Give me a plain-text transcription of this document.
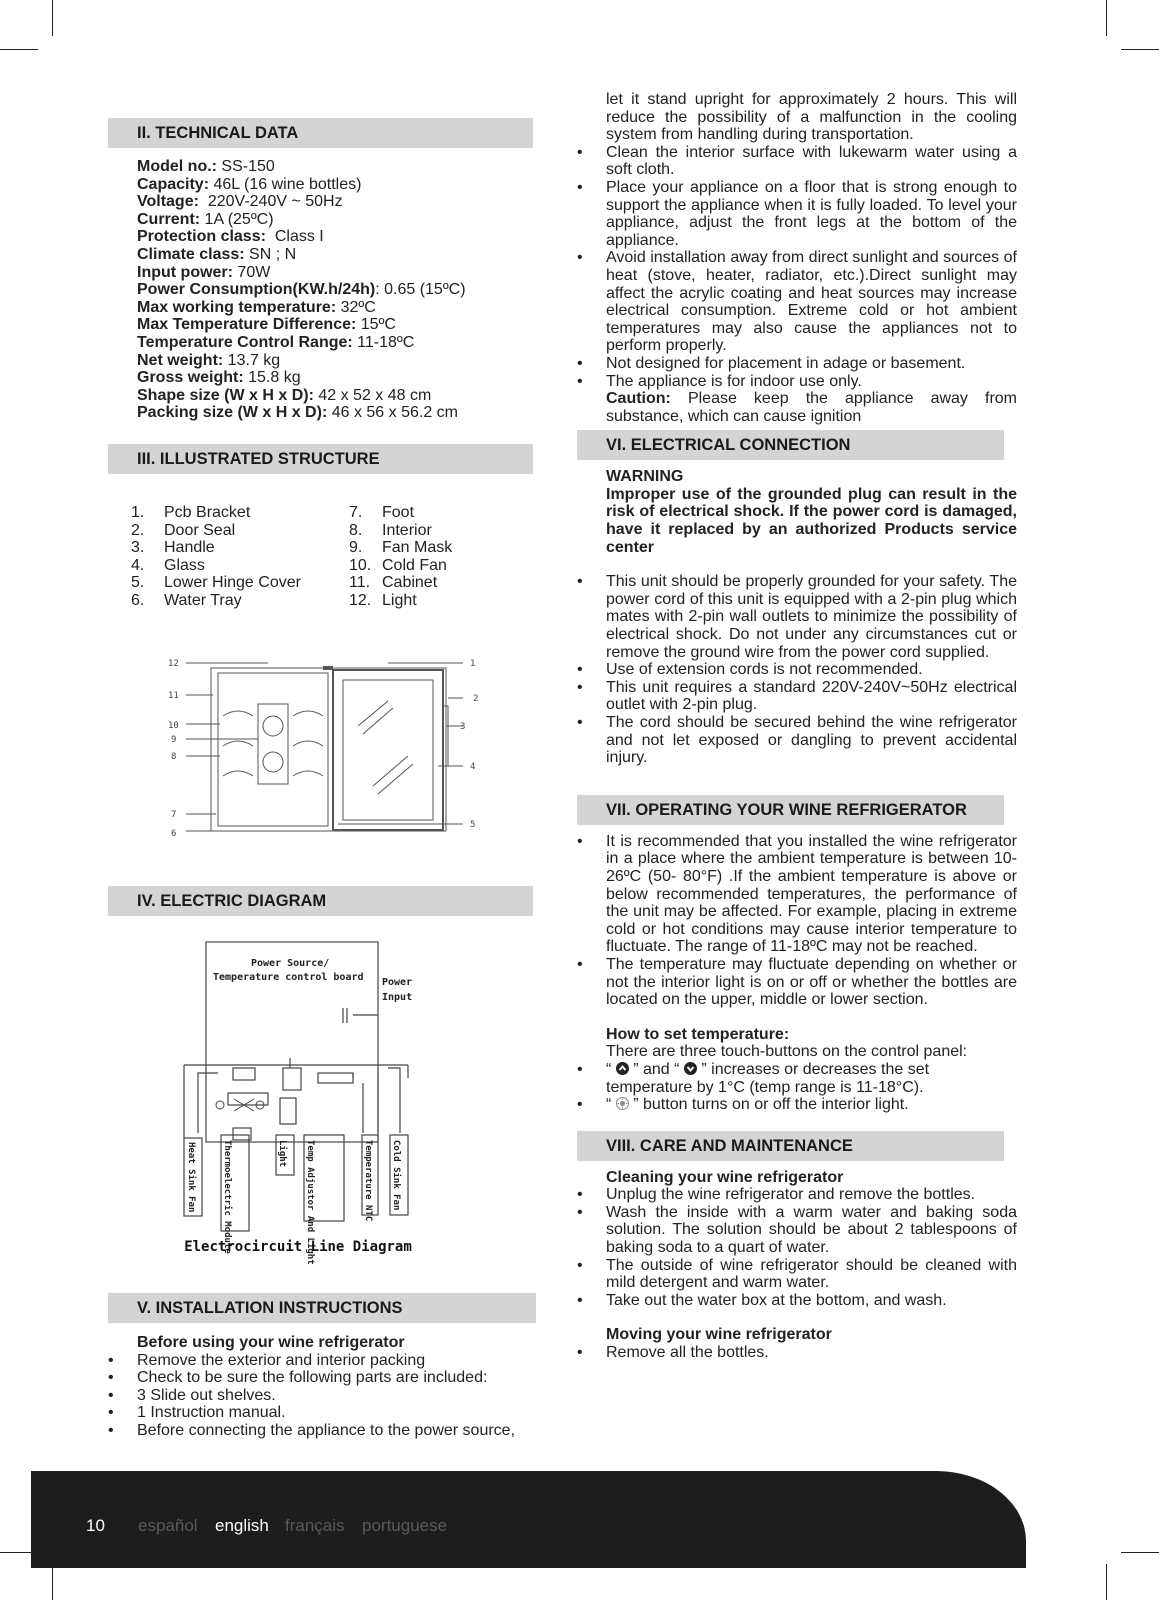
II. TECHNICAL DATA
Model no.: SS-150
Capacity: 46L (16 wine bottles)
Voltage:  220V-240V ~ 50Hz
Current: 1A (25ºC)
Protection class:  Class I
Climate class: SN ; N
Input power: 70W
Power Consumption(KW.h/24h): 0.65 (15ºC)
Max working temperature: 32ºC
Max Temperature Difference: 15ºC
Temperature Control Range: 11-18ºC
Net weight: 13.7 kg
Gross weight: 15.8 kg
Shape size (W x H x D): 42 x 52 x 48 cm
Packing size (W x H x D): 46 x 56 x 56.2 cm
III. ILLUSTRATED STRUCTURE
1.	Pcb Bracket
2.	Door Seal
3.	Handle
4.	Glass
5.	Lower Hinge Cover
6.	Water Tray
7.	Foot
8.	Interior
9.	Fan Mask
10. Cold Fan
11. Cabinet
12. Light
12
11
10
9
8
7
6
1
2
3
4
5
IV. ELECTRIC DIAGRAM
Power Source/
Temperature control board Power
Input
Heat Sink Fan	Thermoelectric Module	Light Temp Adjustor And Light	Temperature NTC Cold Sink Fan
Electrocircuit Line Diagram
V. INSTALLATION INSTRUCTIONS
Before using your wine refrigerator
• Remove the exterior and interior packing
• Check to be sure the following parts are included:
• 3 Slide out shelves.
• 1 Instruction manual.
• Before connecting the appliance to the power source,
let it stand upright for approximately 2 hours. This will reduce the possibility of a malfunction in the cooling system from handling during transportation.
• Clean the interior surface with lukewarm water using a soft cloth.
• Place your appliance on a floor that is strong enough to support the appliance when it is fully loaded. To level your appliance, adjust the front legs at the bottom of the appliance.
• Avoid installation away from direct sunlight and sources of heat (stove, heater, radiator, etc.).Direct sunlight may affect the acrylic coating and heat sources may increase electrical consumption. Extreme cold or hot ambient temperatures may also cause the appliances not to perform properly.
• Not designed for placement in adage or basement.
• The appliance is for indoor use only.
Caution: Please keep the appliance away from substance, which can cause ignition
VI. ELECTRICAL CONNECTION
WARNING
Improper use of the grounded plug can result in the risk of electrical shock. If the power cord is damaged, have it replaced by an authorized Products service center
• This unit should be properly grounded for your safety. The power cord of this unit is equipped with a 2-pin plug which mates with 2-pin wall outlets to minimize the possibility of electrical shock. Do not under any circumstances cut or remove the ground wire from the power cord supplied.
• Use of extension cords is not recommended.
• This unit requires a standard 220V-240V~50Hz electrical outlet with 2-pin plug.
• The cord should be secured behind the wine refrigerator and not let exposed or dangling to prevent accidental injury.
VII. OPERATING YOUR WINE REFRIGERATOR
• It is recommended that you installed the wine refrigerator in a place where the ambient temperature is between 10-26ºC (50- 80°F) .If the ambient temperature is above or below recommended temperatures, the performance of the unit may be affected. For example, placing in extreme cold or hot conditions may cause interior temperature to fluctuate. The range of 11-18ºC may not be reached.
• The temperature may fluctuate depending on whether or not the interior light is on or off or whether the bottles are located on the upper, middle or lower section.
How to set temperature:
There are three touch-buttons on the control panel:
• “  ” and “  ” increases or decreases the set temperature by 1°C (temp range is 11-18°C).
• “  ” button turns on or off the interior light.
VIII. CARE AND MAINTENANCE
Cleaning your wine refrigerator
• Unplug the wine refrigerator and remove the bottles.
• Wash the inside with a warm water and baking soda solution. The solution should be about 2 tablespoons of baking soda to a quart of water.
• The outside of wine refrigerator should be cleaned with mild detergent and warm water.
• Take out the water box at the bottom, and wash.
Moving your wine refrigerator
• Remove all the bottles.
10 español english français portuguese
